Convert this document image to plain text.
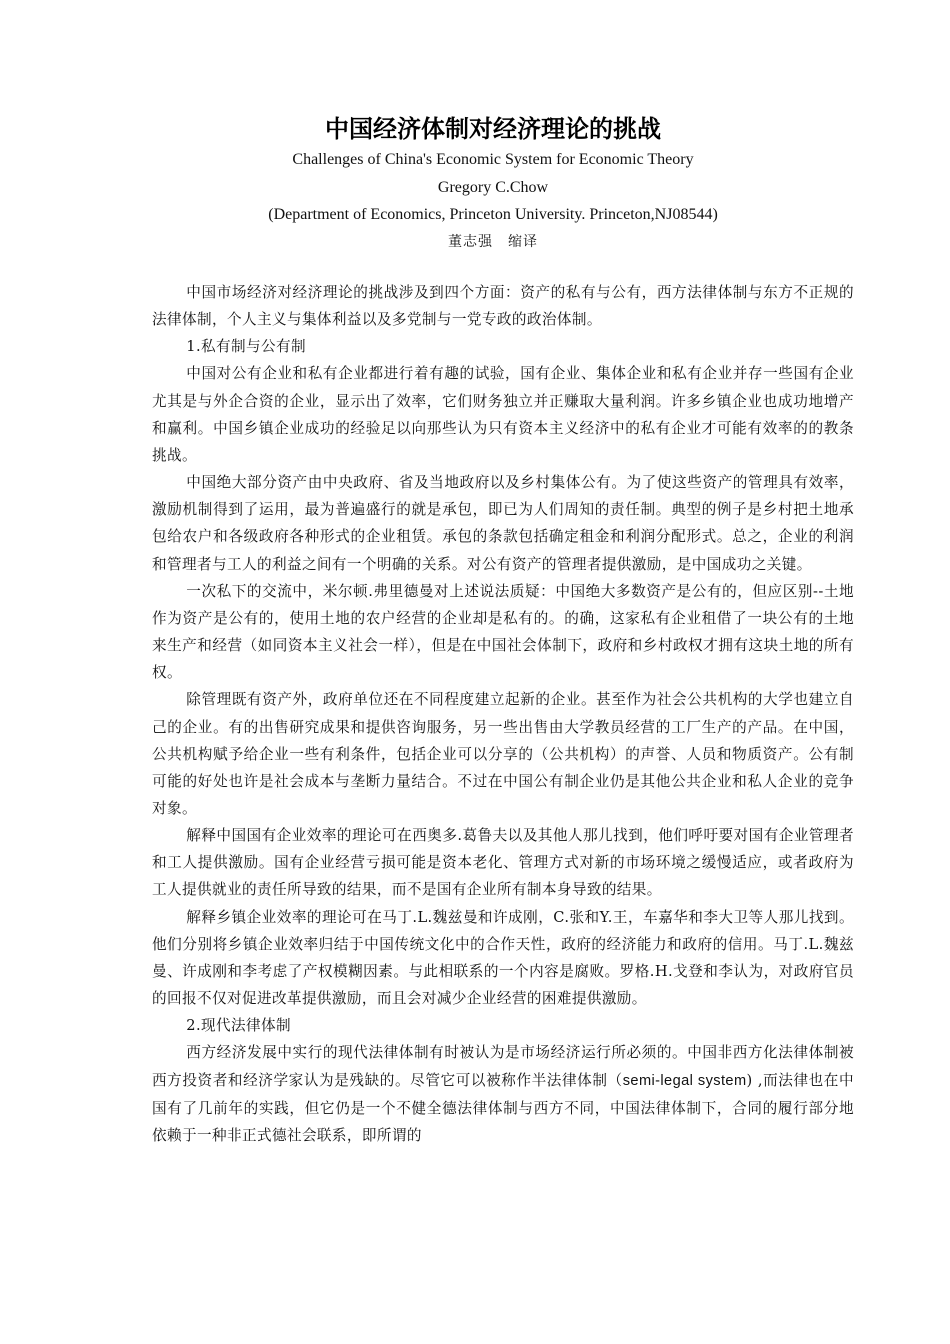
中国经济体制对经济理论的挑战

Challenges of China's Economic System for Economic Theory

Gregory C.Chow

(Department of Economics, Princeton University. Princeton,NJ08544)

董志强　缩译

中国市场经济对经济理论的挑战涉及到四个方面：资产的私有与公有，西方法律体制与东方不正规的法律体制，个人主义与集体利益以及多党制与一党专政的政治体制。

1.私有制与公有制

中国对公有企业和私有企业都进行着有趣的试验，国有企业、集体企业和私有企业并存一些国有企业尤其是与外企合资的企业，显示出了效率，它们财务独立并正赚取大量利润。许多乡镇企业也成功地增产和赢利。中国乡镇企业成功的经验足以向那些认为只有资本主义经济中的私有企业才可能有效率的的教条挑战。

中国绝大部分资产由中央政府、省及当地政府以及乡村集体公有。为了使这些资产的管理具有效率，激励机制得到了运用，最为普遍盛行的就是承包，即已为人们周知的责任制。典型的例子是乡村把土地承包给农户和各级政府各种形式的企业租赁。承包的条款包括确定租金和利润分配形式。总之，企业的利润和管理者与工人的利益之间有一个明确的关系。对公有资产的管理者提供激励，是中国成功之关键。

一次私下的交流中，米尔顿.弗里德曼对上述说法质疑：中国绝大多数资产是公有的，但应区别--土地作为资产是公有的，使用土地的农户经营的企业却是私有的。的确，这家私有企业租借了一块公有的土地来生产和经营（如同资本主义社会一样），但是在中国社会体制下，政府和乡村政权才拥有这块土地的所有权。

除管理既有资产外，政府单位还在不同程度建立起新的企业。甚至作为社会公共机构的大学也建立自己的企业。有的出售研究成果和提供咨询服务，另一些出售由大学教员经营的工厂生产的产品。在中国，公共机构赋予给企业一些有利条件，包括企业可以分享的（公共机构）的声誉、人员和物质资产。公有制可能的好处也许是社会成本与垄断力量结合。不过在中国公有制企业仍是其他公共企业和私人企业的竞争对象。

解释中国国有企业效率的理论可在西奥多.葛鲁夫以及其他人那儿找到，他们呼吁要对国有企业管理者和工人提供激励。国有企业经营亏损可能是资本老化、管理方式对新的市场环境之缓慢适应，或者政府为工人提供就业的责任所导致的结果，而不是国有企业所有制本身导致的结果。

解释乡镇企业效率的理论可在马丁.L.魏兹曼和许成刚，C.张和Y.王，车嘉华和李大卫等人那儿找到。他们分别将乡镇企业效率归结于中国传统文化中的合作天性，政府的经济能力和政府的信用。马丁.L.魏兹曼、许成刚和李考虑了产权模糊因素。与此相联系的一个内容是腐败。罗格.H.戈登和李认为，对政府官员的回报不仅对促进改革提供激励，而且会对减少企业经营的困难提供激励。

2.现代法律体制

西方经济发展中实行的现代法律体制有时被认为是市场经济运行所必须的。中国非西方化法律体制被西方投资者和经济学家认为是残缺的。尽管它可以被称作半法律体制（semi-legal system) ,而法律也在中国有了几前年的实践，但它仍是一个不健全德法律体制与西方不同，中国法律体制下，合同的履行部分地依赖于一种非正式德社会联系，即所谓的
